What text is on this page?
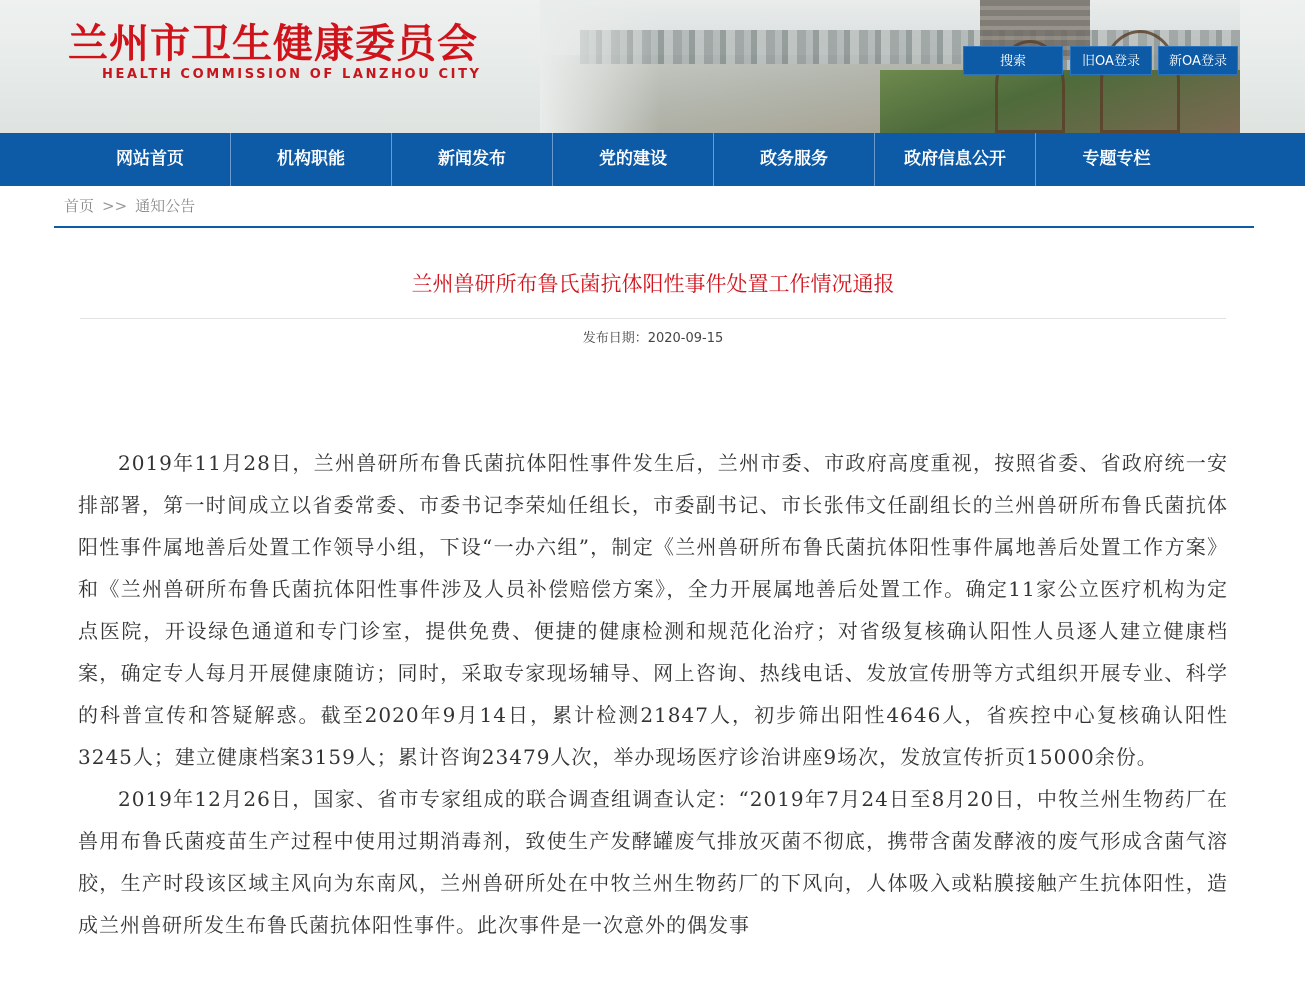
兰州市卫生健康委员会
HEALTH COMMISSION OF LANZHOU CITY
搜索	旧OA登录	新OA登录
网站首页	机构职能	新闻发布	党的建设	政务服务	政府信息公开	专题专栏
首页 >> 通知公告
兰州兽研所布鲁氏菌抗体阳性事件处置工作情况通报
发布日期：2020-09-15

2019年11月28日，兰州兽研所布鲁氏菌抗体阳性事件发生后，兰州市委、市政府高度重视，按照省委、省政府统一安排部署，第一时间成立以省委常委、市委书记李荣灿任组长，市委副书记、市长张伟文任副组长的兰州兽研所布鲁氏菌抗体阳性事件属地善后处置工作领导小组，下设“一办六组”，制定《兰州兽研所布鲁氏菌抗体阳性事件属地善后处置工作方案》和《兰州兽研所布鲁氏菌抗体阳性事件涉及人员补偿赔偿方案》，全力开展属地善后处置工作。确定11家公立医疗机构为定点医院，开设绿色通道和专门诊室，提供免费、便捷的健康检测和规范化治疗；对省级复核确认阳性人员逐人建立健康档案，确定专人每月开展健康随访；同时，采取专家现场辅导、网上咨询、热线电话、发放宣传册等方式组织开展专业、科学的科普宣传和答疑解惑。截至2020年9月14日，累计检测21847人，初步筛出阳性4646人，省疾控中心复核确认阳性3245人；建立健康档案3159人；累计咨询23479人次，举办现场医疗诊治讲座9场次，发放宣传折页15000余份。

2019年12月26日，国家、省市专家组成的联合调查组调查认定：“2019年7月24日至8月20日，中牧兰州生物药厂在兽用布鲁氏菌疫苗生产过程中使用过期消毒剂，致使生产发酵罐废气排放灭菌不彻底，携带含菌发酵液的废气形成含菌气溶胶，生产时段该区域主风向为东南风，兰州兽研所处在中牧兰州生物药厂的下风向，人体吸入或粘膜接触产生抗体阳性，造成兰州兽研所发生布鲁氏菌抗体阳性事件。此次事件是一次意外的偶发事
